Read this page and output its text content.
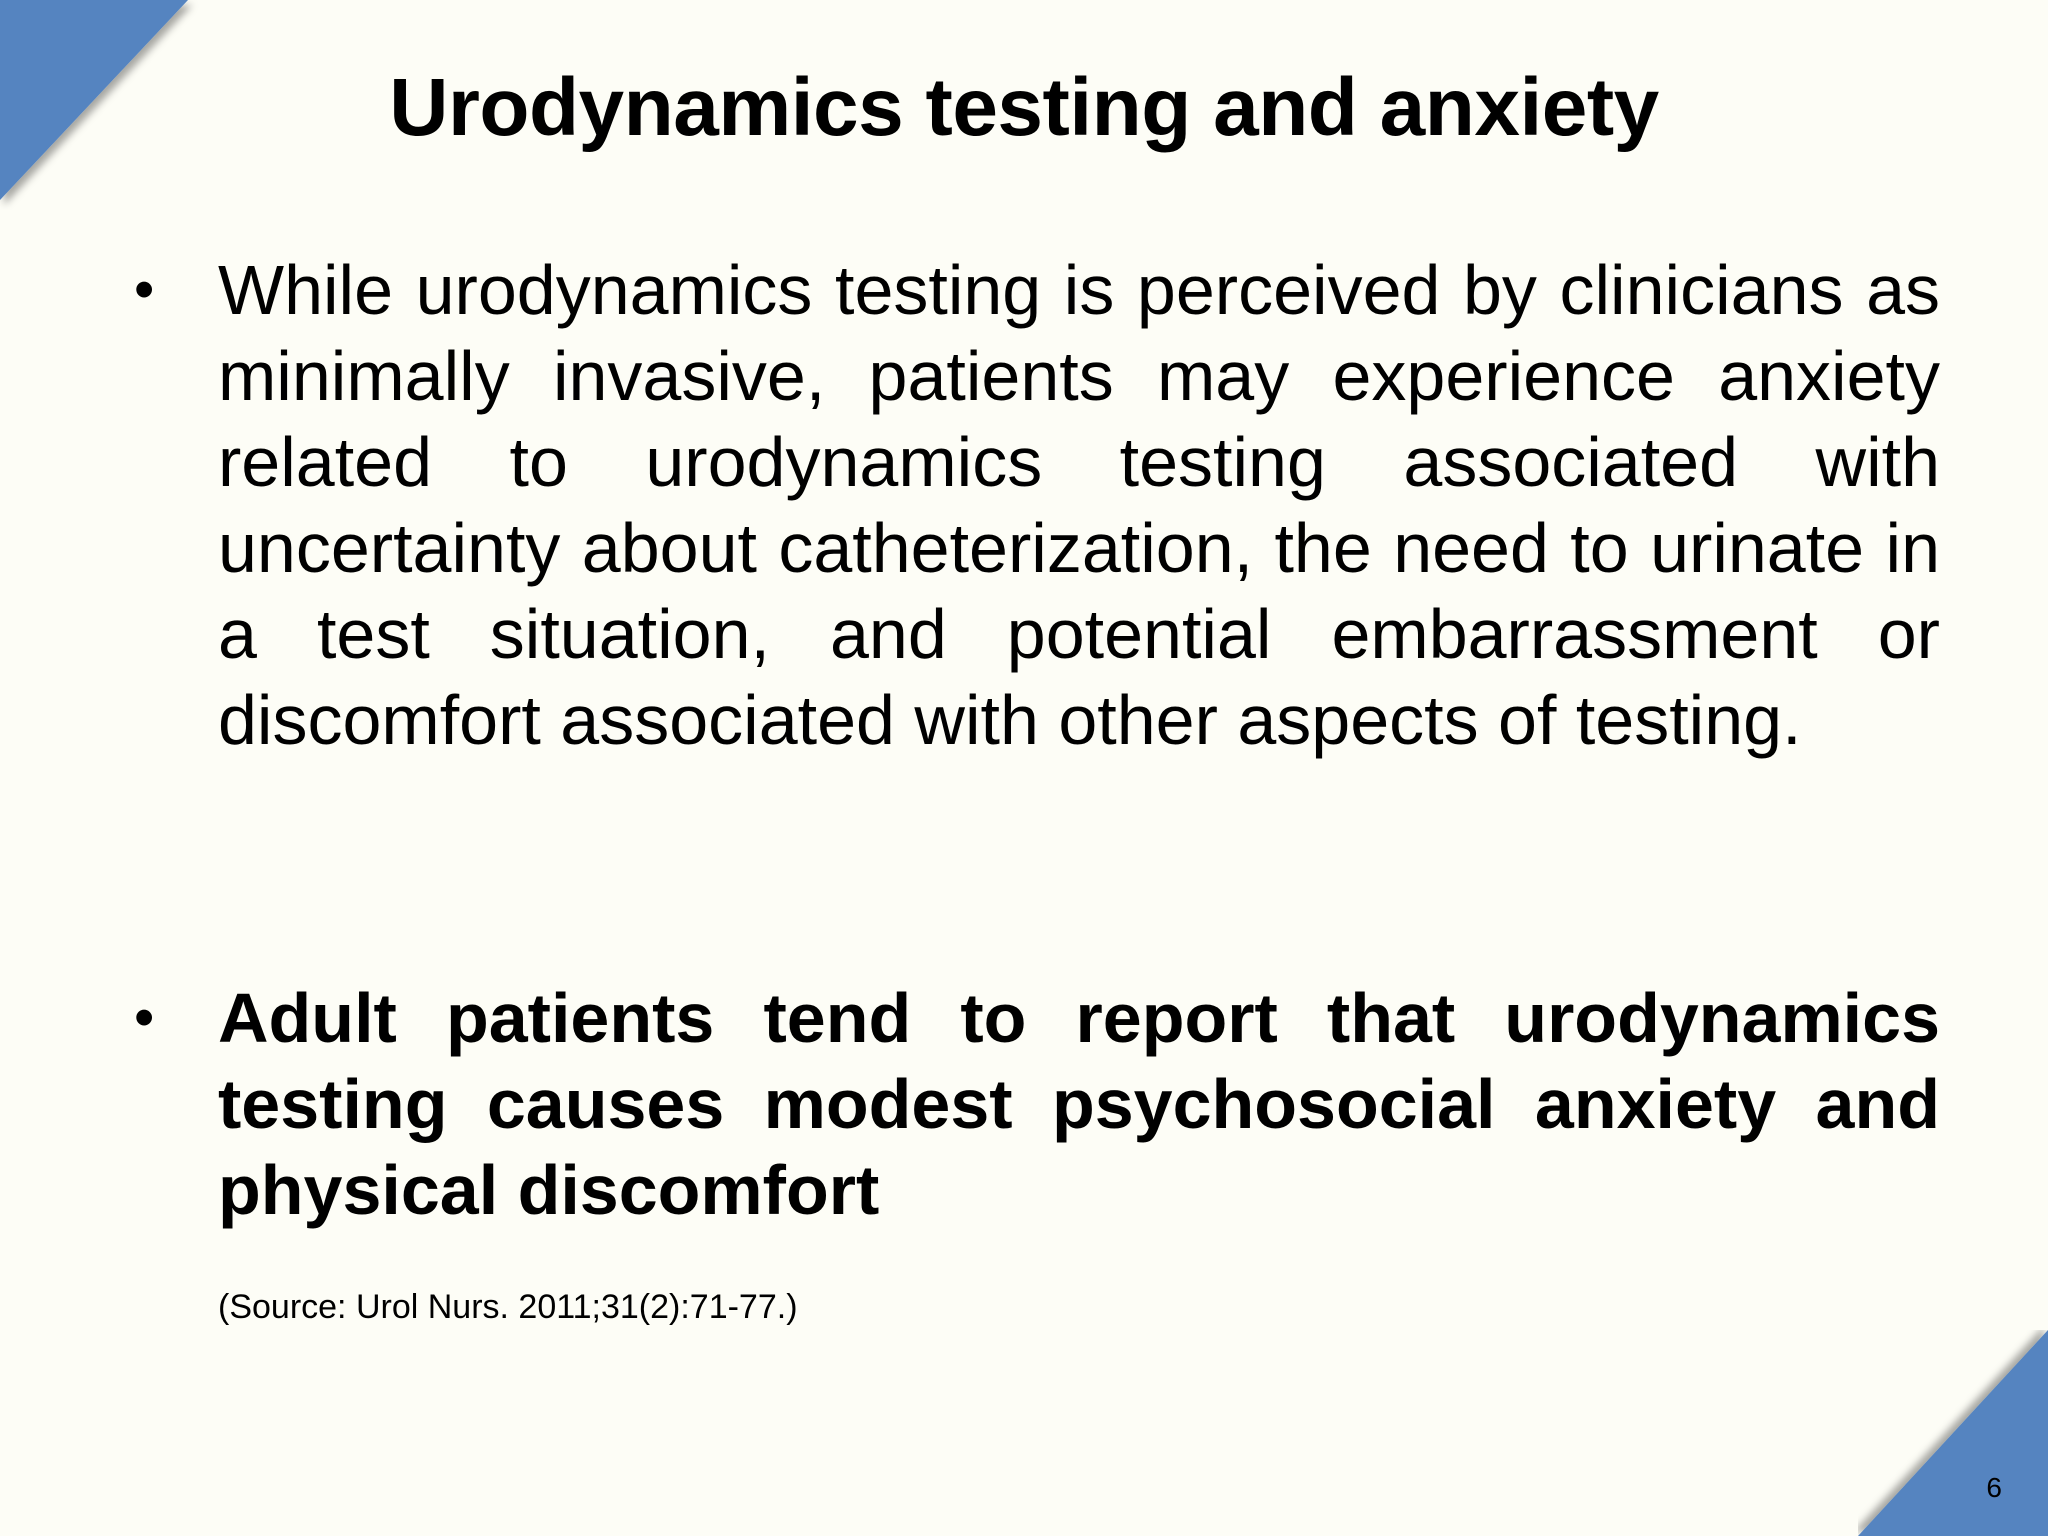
Urodynamics testing and anxiety
• While urodynamics testing is perceived by clinicians as minimally invasive, patients may experience anxiety related to urodynamics testing associated with uncertainty about catheterization, the need to urinate in a test situation, and potential embarrassment or discomfort associated with other aspects of testing.
• Adult patients tend to report that urodynamics testing causes modest psychosocial anxiety and physical discomfort
(Source: Urol Nurs. 2011;31(2):71-77.)
6
